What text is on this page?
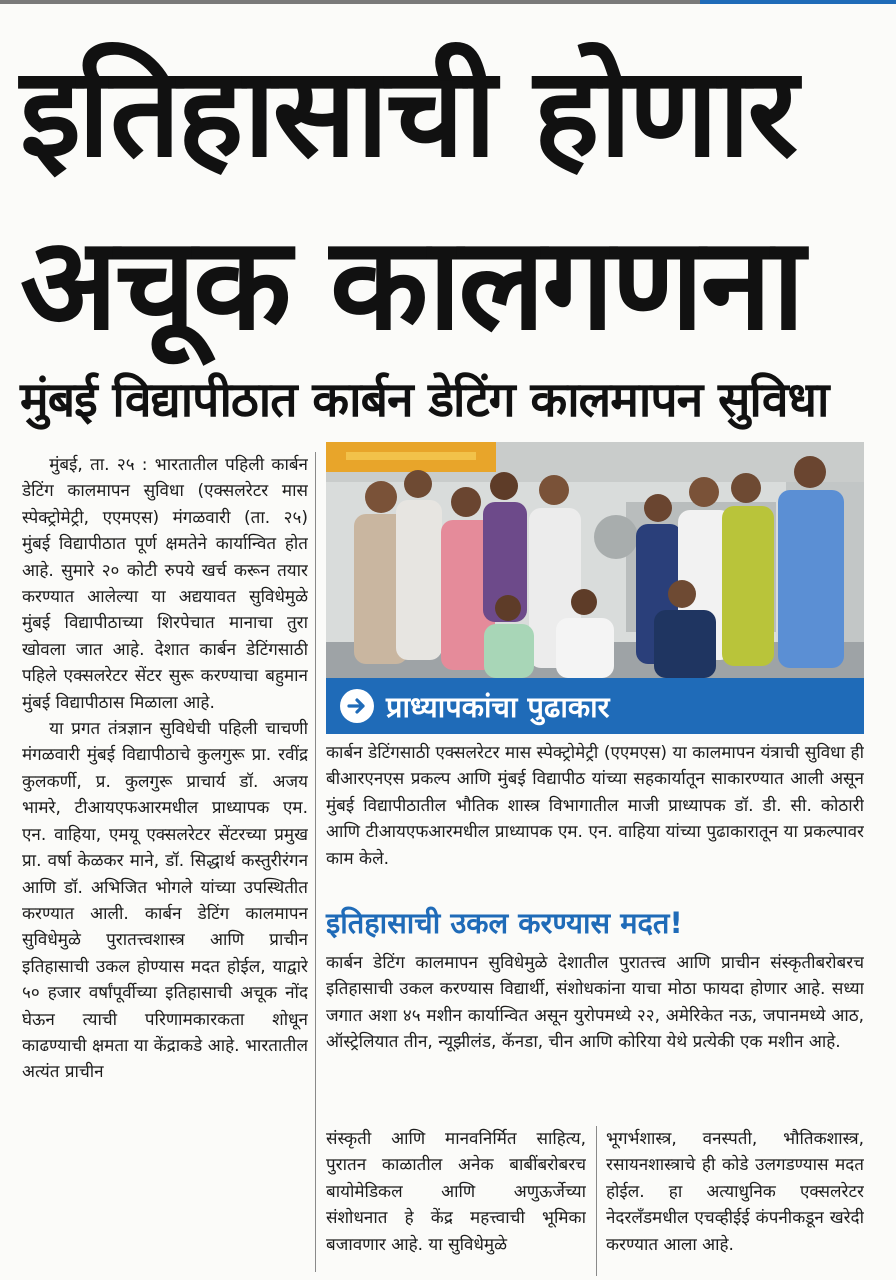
इतिहासाची होणार
अचूक कालगणना
मुंबई विद्यापीठात कार्बन डेटिंग कालमापन सुविधा

मुंबई, ता. २५ : भारतातील पहिली कार्बन डेटिंग कालमापन सुविधा (एक्सलरेटर मास स्पेक्ट्रोमेट्री, एएमएस) मंगळवारी (ता. २५) मुंबई विद्यापीठात पूर्ण क्षमतेने कार्यान्वित होत आहे. सुमारे २० कोटी रुपये खर्च करून तयार करण्यात आलेल्या या अद्ययावत सुविधेमुळे मुंबई विद्यापीठाच्या शिरपेचात मानाचा तुरा खोवला जात आहे. देशात कार्बन डेटिंगसाठी पहिले एक्सलरेटर सेंटर सुरू करण्याचा बहुमान मुंबई विद्यापीठास मिळाला आहे.

या प्रगत तंत्रज्ञान सुविधेची पहिली चाचणी मंगळवारी मुंबई विद्यापीठाचे कुलगुरू प्रा. रवींद्र कुलकर्णी, प्र. कुलगुरू प्राचार्य डॉ. अजय भामरे, टीआयएफआरमधील प्राध्यापक एम. एन. वाहिया, एमयू एक्सलरेटर सेंटरच्या प्रमुख प्रा. वर्षा केळकर माने, डॉ. सिद्धार्थ कस्तुरीरंगन आणि डॉ. अभिजित भोगले यांच्या उपस्थितीत करण्यात आली. कार्बन डेटिंग कालमापन सुविधेमुळे पुरातत्त्वशास्त्र आणि प्राचीन इतिहासाची उकल होण्यास मदत होईल, याद्वारे ५० हजार वर्षांपूर्वीच्या इतिहासाची अचूक नोंद घेऊन त्याची परिणामकारकता शोधून काढण्याची क्षमता या केंद्राकडे आहे. भारतातील अत्यंत प्राचीन

प्राध्यापकांचा पुढाकार

कार्बन डेटिंगसाठी एक्सलरेटर मास स्पेक्ट्रोमेट्री (एएमएस) या कालमापन यंत्राची सुविधा ही बीआरएनएस प्रकल्प आणि मुंबई विद्यापीठ यांच्या सहकार्यातून साकारण्यात आली असून मुंबई विद्यापीठातील भौतिक शास्त्र विभागातील माजी प्राध्यापक डॉ. डी. सी. कोठारी आणि टीआयएफआरमधील प्राध्यापक एम. एन. वाहिया यांच्या पुढाकारातून या प्रकल्पावर काम केले.

इतिहासाची उकल करण्यास मदत!

कार्बन डेटिंग कालमापन सुविधेमुळे देशातील पुरातत्त्व आणि प्राचीन संस्कृतीबरोबरच इतिहासाची उकल करण्यास विद्यार्थी, संशोधकांना याचा मोठा फायदा होणार आहे. सध्या जगात अशा ४५ मशीन कार्यान्वित असून युरोपमध्ये २२, अमेरिकेत नऊ, जपानमध्ये आठ, ऑस्ट्रेलियात तीन, न्यूझीलंड, कॅनडा, चीन आणि कोरिया येथे प्रत्येकी एक मशीन आहे.

संस्कृती आणि मानवनिर्मित साहित्य, पुरातन काळातील अनेक बाबींबरोबरच बायोमेडिकल आणि अणुऊर्जेच्या संशोधनात हे केंद्र महत्त्वाची भूमिका बजावणार आहे. या सुविधेमुळे

भूगर्भशास्त्र, वनस्पती, भौतिकशास्त्र, रसायनशास्त्राचे ही कोडे उलगडण्यास मदत होईल. हा अत्याधुनिक एक्सलरेटर नेदरलँडमधील एचव्हीईई कंपनीकडून खरेदी करण्यात आला आहे.
